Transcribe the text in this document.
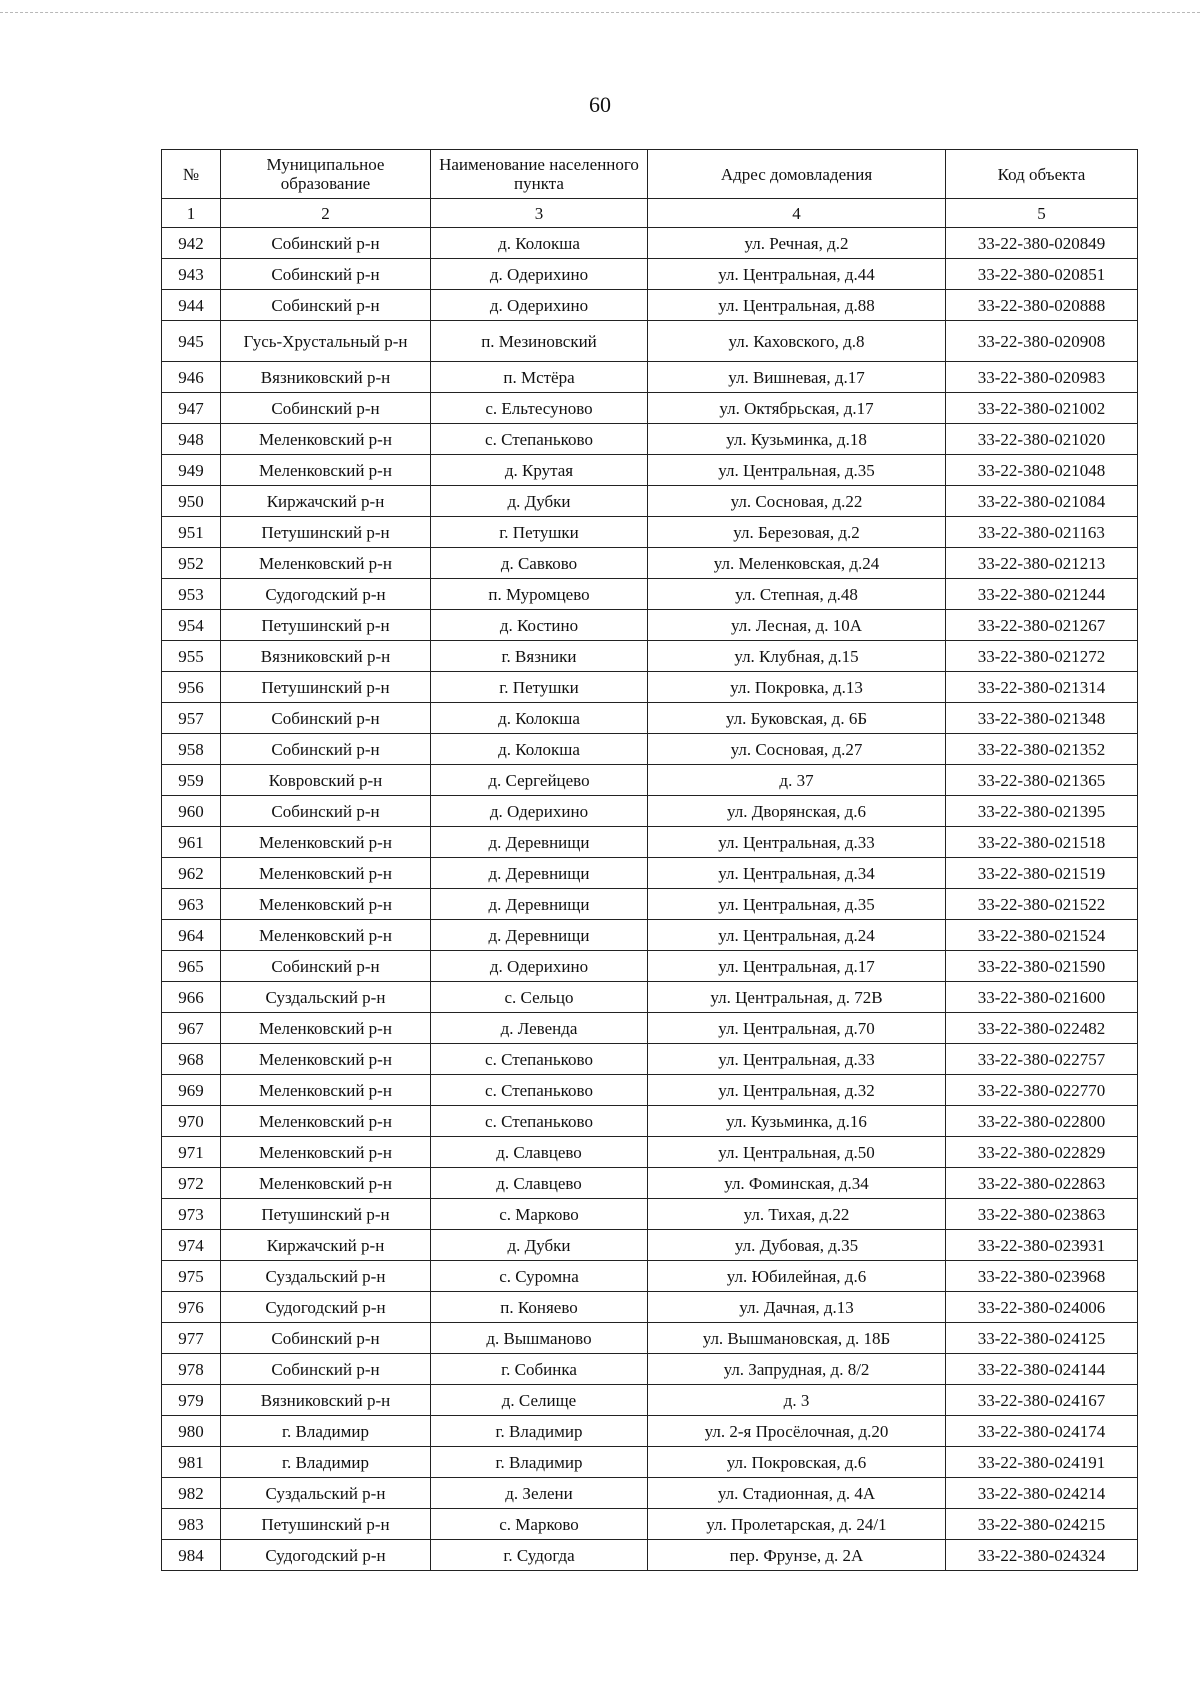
60
№	Муниципальное образование	Наименование населенного пункта	Адрес домовладения	Код объекта
1	2	3	4	5
942	Собинский р-н	д. Колокша	ул. Речная, д.2	33-22-380-020849
943	Собинский р-н	д. Одерихино	ул. Центральная, д.44	33-22-380-020851
944	Собинский р-н	д. Одерихино	ул. Центральная, д.88	33-22-380-020888
945	Гусь-Хрустальный р-н	п. Мезиновский	ул. Каховского, д.8	33-22-380-020908
946	Вязниковский р-н	п. Мстёра	ул. Вишневая, д.17	33-22-380-020983
947	Собинский р-н	с. Ельтесуново	ул. Октябрьская, д.17	33-22-380-021002
948	Меленковский р-н	с. Степаньково	ул. Кузьминка, д.18	33-22-380-021020
949	Меленковский р-н	д. Крутая	ул. Центральная, д.35	33-22-380-021048
950	Киржачский р-н	д. Дубки	ул. Сосновая, д.22	33-22-380-021084
951	Петушинский р-н	г. Петушки	ул. Березовая, д.2	33-22-380-021163
952	Меленковский р-н	д. Савково	ул. Меленковская, д.24	33-22-380-021213
953	Судогодский р-н	п. Муромцево	ул. Степная, д.48	33-22-380-021244
954	Петушинский р-н	д. Костино	ул. Лесная, д. 10А	33-22-380-021267
955	Вязниковский р-н	г. Вязники	ул. Клубная, д.15	33-22-380-021272
956	Петушинский р-н	г. Петушки	ул. Покровка, д.13	33-22-380-021314
957	Собинский р-н	д. Колокша	ул. Буковская, д. 6Б	33-22-380-021348
958	Собинский р-н	д. Колокша	ул. Сосновая, д.27	33-22-380-021352
959	Ковровский р-н	д. Сергейцево	д. 37	33-22-380-021365
960	Собинский р-н	д. Одерихино	ул. Дворянская, д.6	33-22-380-021395
961	Меленковский р-н	д. Деревнищи	ул. Центральная, д.33	33-22-380-021518
962	Меленковский р-н	д. Деревнищи	ул. Центральная, д.34	33-22-380-021519
963	Меленковский р-н	д. Деревнищи	ул. Центральная, д.35	33-22-380-021522
964	Меленковский р-н	д. Деревнищи	ул. Центральная, д.24	33-22-380-021524
965	Собинский р-н	д. Одерихино	ул. Центральная, д.17	33-22-380-021590
966	Суздальский р-н	с. Сельцо	ул. Центральная, д. 72В	33-22-380-021600
967	Меленковский р-н	д. Левенда	ул. Центральная, д.70	33-22-380-022482
968	Меленковский р-н	с. Степаньково	ул. Центральная, д.33	33-22-380-022757
969	Меленковский р-н	с. Степаньково	ул. Центральная, д.32	33-22-380-022770
970	Меленковский р-н	с. Степаньково	ул. Кузьминка, д.16	33-22-380-022800
971	Меленковский р-н	д. Славцево	ул. Центральная, д.50	33-22-380-022829
972	Меленковский р-н	д. Славцево	ул. Фоминская, д.34	33-22-380-022863
973	Петушинский р-н	с. Марково	ул. Тихая, д.22	33-22-380-023863
974	Киржачский р-н	д. Дубки	ул. Дубовая, д.35	33-22-380-023931
975	Суздальский р-н	с. Суромна	ул. Юбилейная, д.6	33-22-380-023968
976	Судогодский р-н	п. Коняево	ул. Дачная, д.13	33-22-380-024006
977	Собинский р-н	д. Вышманово	ул. Вышмановская, д. 18Б	33-22-380-024125
978	Собинский р-н	г. Собинка	ул. Запрудная, д. 8/2	33-22-380-024144
979	Вязниковский р-н	д. Селище	д. 3	33-22-380-024167
980	г. Владимир	г. Владимир	ул. 2-я Просёлочная, д.20	33-22-380-024174
981	г. Владимир	г. Владимир	ул. Покровская, д.6	33-22-380-024191
982	Суздальский р-н	д. Зелени	ул. Стадионная, д. 4А	33-22-380-024214
983	Петушинский р-н	с. Марково	ул. Пролетарская, д. 24/1	33-22-380-024215
984	Судогодский р-н	г. Судогда	пер. Фрунзе, д. 2А	33-22-380-024324
